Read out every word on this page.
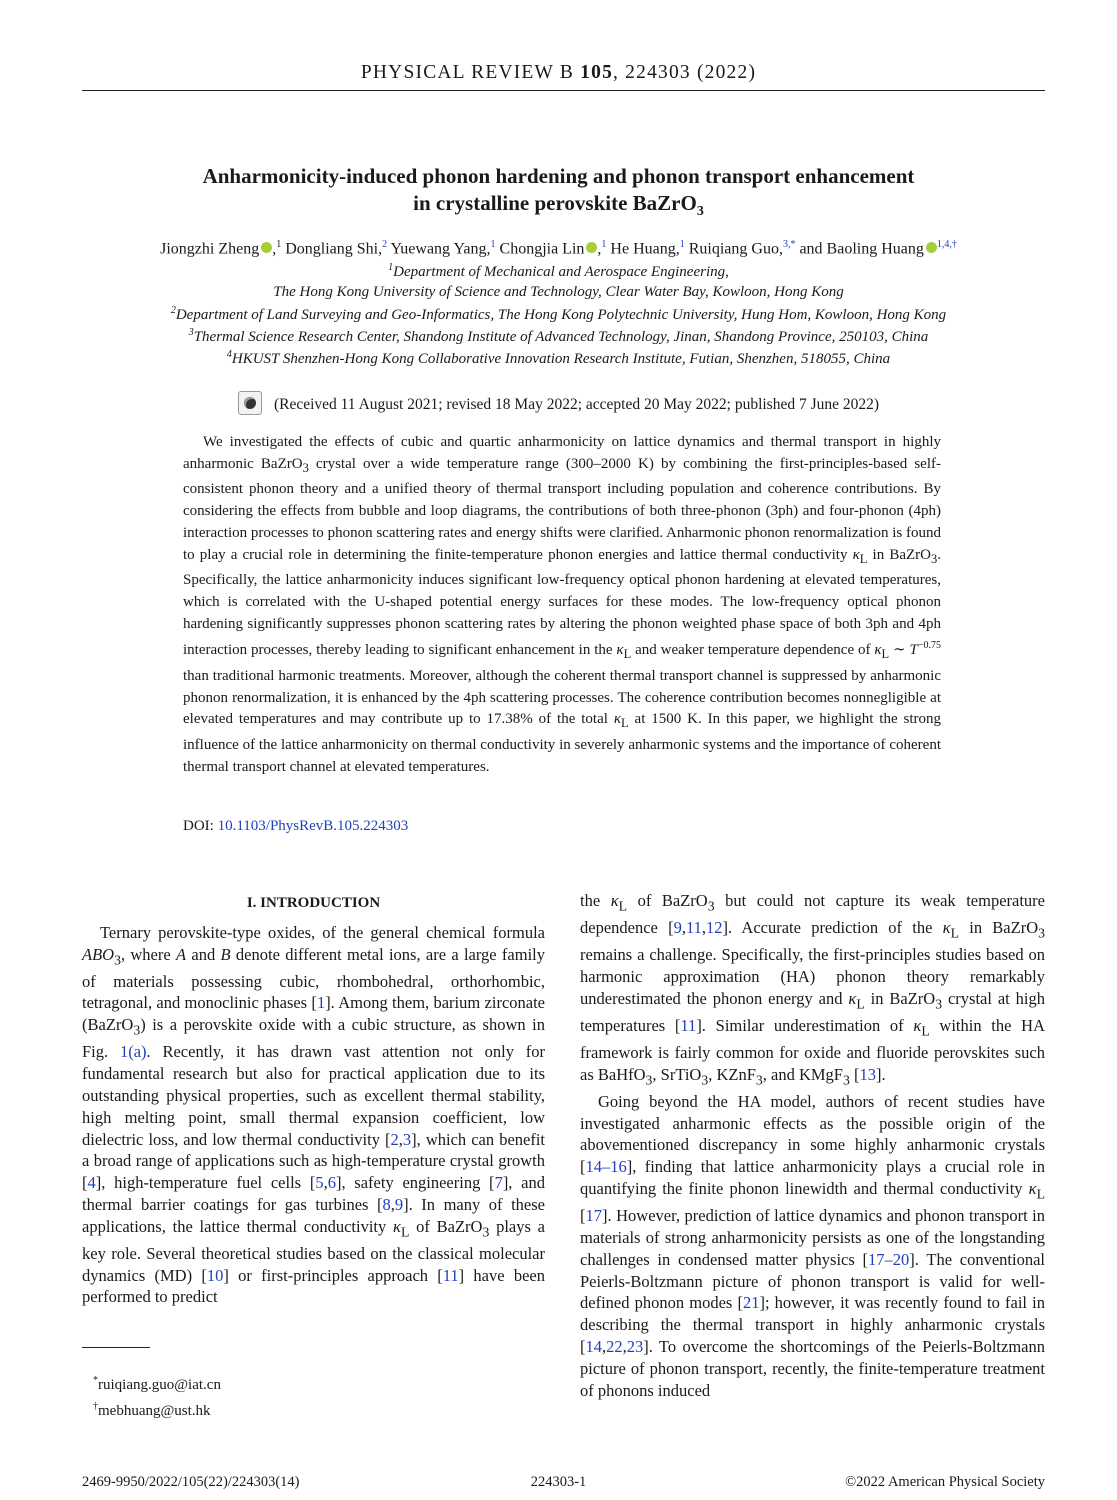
PHYSICAL REVIEW B 105, 224303 (2022)
Anharmonicity-induced phonon hardening and phonon transport enhancement
in crystalline perovskite BaZrO$_3$
Jiongzhi Zheng ,$^1$ Dongliang Shi,$^2$ Yuewang Yang,$^1$ Chongjia Lin ,$^1$ He Huang,$^1$ Ruiqiang Guo,$^{3,*}$ and Baoling Huang $^{1,4,\dagger}$
$^1$Department of Mechanical and Aerospace Engineering,
The Hong Kong University of Science and Technology, Clear Water Bay, Kowloon, Hong Kong
$^2$Department of Land Surveying and Geo-Informatics, The Hong Kong Polytechnic University, Hung Hom, Kowloon, Hong Kong
$^3$Thermal Science Research Center, Shandong Institute of Advanced Technology, Jinan, Shandong Province, 250103, China
$^4$HKUST Shenzhen-Hong Kong Collaborative Innovation Research Institute, Futian, Shenzhen, 518055, China
(Received 11 August 2021; revised 18 May 2022; accepted 20 May 2022; published 7 June 2022)

We investigated the effects of cubic and quartic anharmonicity on lattice dynamics and thermal transport in highly anharmonic BaZrO$_3$ crystal over a wide temperature range (300–2000 K) by combining the first-principles-based self-consistent phonon theory and a unified theory of thermal transport including population and coherence contributions. By considering the effects from bubble and loop diagrams, the contributions of both three-phonon (3ph) and four-phonon (4ph) interaction processes to phonon scattering rates and energy shifts were clarified. Anharmonic phonon renormalization is found to play a crucial role in determining the finite-temperature phonon energies and lattice thermal conductivity $\kappa_L$ in BaZrO$_3$. Specifically, the lattice anharmonicity induces significant low-frequency optical phonon hardening at elevated temperatures, which is correlated with the U-shaped potential energy surfaces for these modes. The low-frequency optical phonon hardening significantly suppresses phonon scattering rates by altering the phonon weighted phase space of both 3ph and 4ph interaction processes, thereby leading to significant enhancement in the $\kappa_L$ and weaker temperature dependence of $\kappa_L$ ∼ $T^{-0.75}$ than traditional harmonic treatments. Moreover, although the coherent thermal transport channel is suppressed by anharmonic phonon renormalization, it is enhanced by the 4ph scattering processes. The coherence contribution becomes nonnegligible at elevated temperatures and may contribute up to 17.38% of the total $\kappa_L$ at 1500 K. In this paper, we highlight the strong influence of the lattice anharmonicity on thermal conductivity in severely anharmonic systems and the importance of coherent thermal transport channel at elevated temperatures.

DOI: 10.1103/PhysRevB.105.224303

I. INTRODUCTION

Ternary perovskite-type oxides, of the general chemical formula $ABO_3$, where A and B denote different metal ions, are a large family of materials possessing cubic, rhombohedral, orthorhombic, tetragonal, and monoclinic phases [1]. Among them, barium zirconate (BaZrO$_3$) is a perovskite oxide with a cubic structure, as shown in Fig. 1(a). Recently, it has drawn vast attention not only for fundamental research but also for practical application due to its outstanding physical properties, such as excellent thermal stability, high melting point, small thermal expansion coefficient, low dielectric loss, and low thermal conductivity [2,3], which can benefit a broad range of applications such as high-temperature crystal growth [4], high-temperature fuel cells [5,6], safety engineering [7], and thermal barrier coatings for gas turbines [8,9]. In many of these applications, the lattice thermal conductivity $\kappa_L$ of BaZrO$_3$ plays a key role. Several theoretical studies based on the classical molecular dynamics (MD) [10] or first-principles approach [11] have been performed to predict

the $\kappa_L$ of BaZrO$_3$ but could not capture its weak temperature dependence [9,11,12]. Accurate prediction of the $\kappa_L$ in BaZrO$_3$ remains a challenge. Specifically, the first-principles studies based on harmonic approximation (HA) phonon theory remarkably underestimated the phonon energy and $\kappa_L$ in BaZrO$_3$ crystal at high temperatures [11]. Similar underestimation of $\kappa_L$ within the HA framework is fairly common for oxide and fluoride perovskites such as BaHfO$_3$, SrTiO$_3$, KZnF$_3$, and KMgF$_3$ [13].

Going beyond the HA model, authors of recent studies have investigated anharmonic effects as the possible origin of the abovementioned discrepancy in some highly anharmonic crystals [14–16], finding that lattice anharmonicity plays a crucial role in quantifying the finite phonon linewidth and thermal conductivity $\kappa_L$ [17]. However, prediction of lattice dynamics and phonon transport in materials of strong anharmonicity persists as one of the longstanding challenges in condensed matter physics [17–20]. The conventional Peierls-Boltzmann picture of phonon transport is valid for well-defined phonon modes [21]; however, it was recently found to fail in describing the thermal transport in highly anharmonic crystals [14,22,23]. To overcome the shortcomings of the Peierls-Boltzmann picture of phonon transport, recently, the finite-temperature treatment of phonons induced

*ruiqiang.guo@iat.cn
†mebhuang@ust.hk
2469-9950/2022/105(22)/224303(14)	224303-1	©2022 American Physical Society
